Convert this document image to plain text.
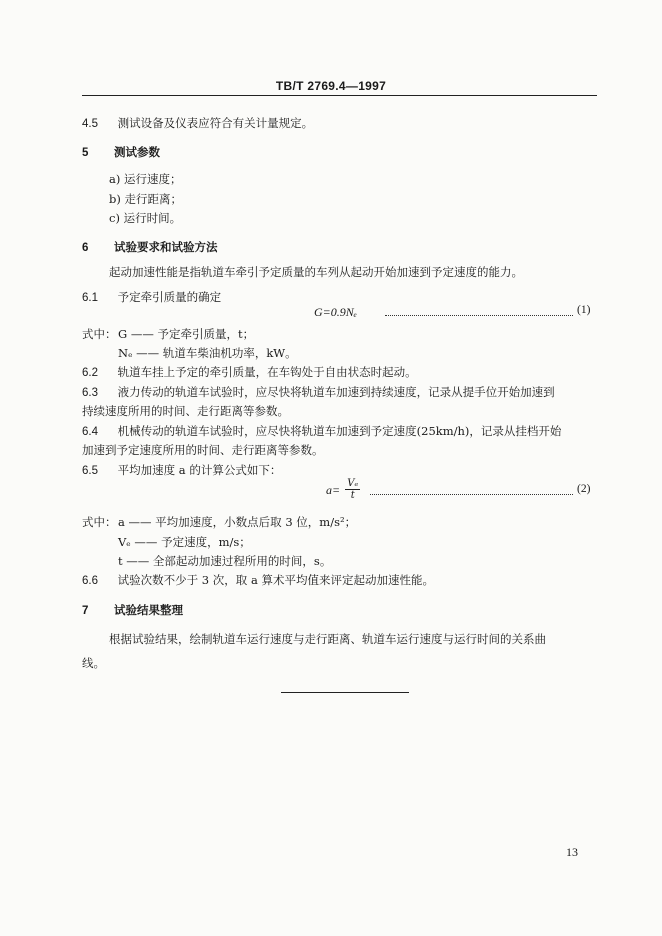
TB/T 2769.4—1997
4.5 测试设备及仪表应符合有关计量规定。
5 测试参数
a) 运行速度；
b) 走行距离；
c) 运行时间。
6 试验要求和试验方法
起动加速性能是指轨道车牵引予定质量的车列从起动开始加速到予定速度的能力。
6.1 予定牵引质量的确定
G=0.9Nₑ	(1)
式中： G —— 予定牵引质量，t；
Nₑ —— 轨道车柴油机功率，kW。
6.2 轨道车挂上予定的牵引质量，在车钩处于自由状态时起动。
6.3 液力传动的轨道车试验时，应尽快将轨道车加速到持续速度，记录从提手位开始加速到
持续速度所用的时间、走行距离等参数。
6.4 机械传动的轨道车试验时，应尽快将轨道车加速到予定速度(25km/h)，记录从挂档开始
加速到予定速度所用的时间、走行距离等参数。
6.5 平均加速度 a 的计算公式如下：
$a= \frac{\text{Vₑ}}{t}$	(2)
式中： a —— 平均加速度，小数点后取 3 位，m/s²；
Vₑ —— 予定速度，m/s；
t —— 全部起动加速过程所用的时间，s。
6.6 试验次数不少于 3 次，取 a 算术平均值来评定起动加速性能。
7 试验结果整理
根据试验结果，绘制轨道车运行速度与走行距离、轨道车运行速度与运行时间的关系曲
线。
13
